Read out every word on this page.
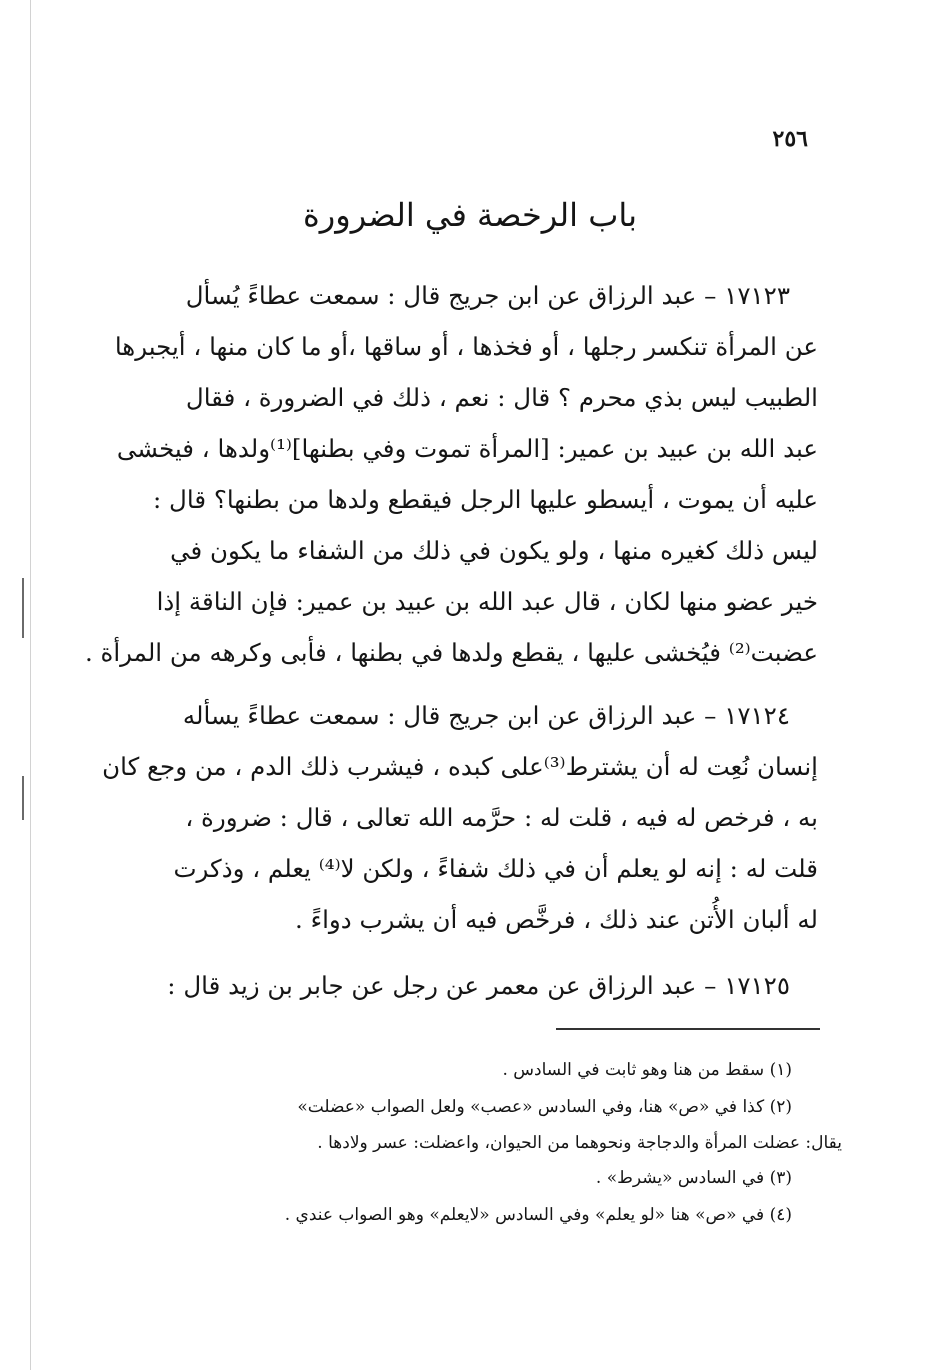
٢٥٦
باب الرخصة في الضرورة
١٧١٢٣ – عبد الرزاق عن ابن جريج قال : سمعت عطاءً يُسأل
عن المرأة تنكسر رجلها ، أو فخذها ، أو ساقها ،أو ما كان منها ، أيجبرها
الطبيب ليس بذي محرم ؟ قال : نعم ، ذلك في الضرورة ، فقال
عبد الله بن عبيد بن عمير: [المرأة تموت وفي بطنها]⁽¹⁾ولدها ، فيخشى
عليه أن يموت ، أيسطو عليها الرجل فيقطع ولدها من بطنها؟ قال :
ليس ذلك كغيره منها ، ولو يكون في ذلك من الشفاء ما يكون في
خير عضو منها لكان ، قال عبد الله بن عبيد بن عمير: فإن الناقة إذا
عضبت⁽²⁾ فيُخشى عليها ، يقطع ولدها في بطنها ، فأبى وكرهه من المرأة .
١٧١٢٤ – عبد الرزاق عن ابن جريج قال : سمعت عطاءً يسأله
إنسان نُعِت له أن يشترط⁽³⁾على كبده ، فيشرب ذلك الدم ، من وجع كان
به ، فرخص له فيه ، قلت له : حرَّمه الله تعالى ، قال : ضرورة ،
قلت له : إنه لو يعلم أن في ذلك شفاءً ، ولكن لا⁽⁴⁾ يعلم ، وذكرت
له ألبان الأُتن عند ذلك ، فرخَّص فيه أن يشرب دواءً .
١٧١٢٥ – عبد الرزاق عن معمر عن رجل عن جابر بن زيد قال :
(١) سقط من هنا وهو ثابت في السادس .
(٢) كذا في «ص» هنا، وفي السادس «عصب» ولعل الصواب «عضلت»
يقال: عضلت المرأة والدجاجة ونحوهما من الحيوان، واعضلت: عسر ولادها .
(٣) في السادس «يشرط» .
(٤) في «ص» هنا «لو يعلم» وفي السادس «لايعلم» وهو الصواب عندي .
